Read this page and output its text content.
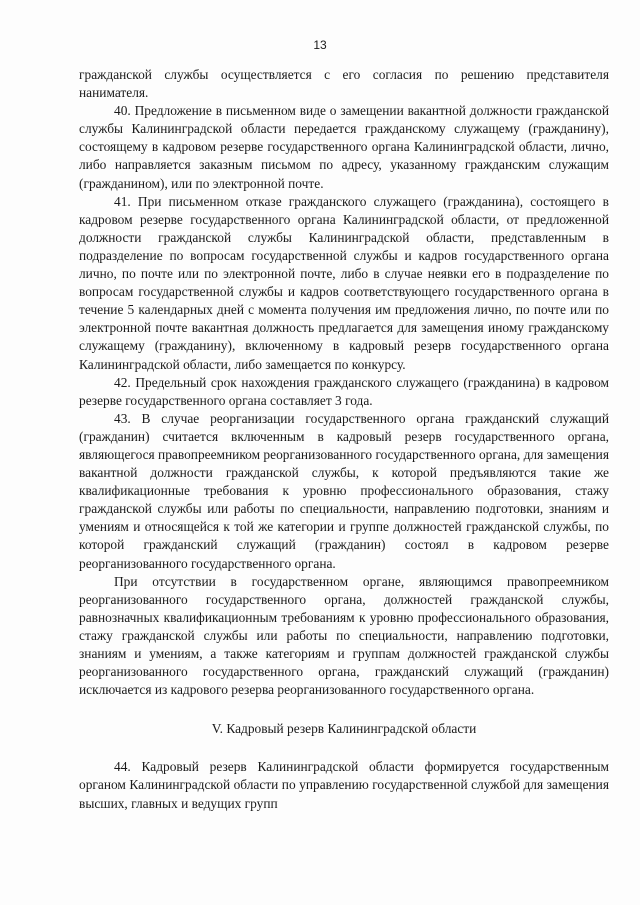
13

гражданской службы осуществляется с его согласия по решению представителя нанимателя.

40. Предложение в письменном виде о замещении вакантной должности гражданской службы Калининградской области передается гражданскому служащему (гражданину), состоящему в кадровом резерве государственного органа Калининградской области, лично, либо направляется заказным письмом по адресу, указанному гражданским служащим (гражданином), или по электронной почте.

41. При письменном отказе гражданского служащего (гражданина), состоящего в кадровом резерве государственного органа Калининградской области, от предложенной должности гражданской службы Калининградской области, представленным в подразделение по вопросам государственной службы и кадров государственного органа лично, по почте или по электронной почте, либо в случае неявки его в подразделение по вопросам государственной службы и кадров соответствующего государственного органа в течение 5 календарных дней с момента получения им предложения лично, по почте или по электронной почте вакантная должность предлагается для замещения иному гражданскому служащему (гражданину), включенному в кадровый резерв государственного органа Калининградской области, либо замещается по конкурсу.

42. Предельный срок нахождения гражданского служащего (гражданина) в кадровом резерве государственного органа составляет 3 года.

43. В случае реорганизации государственного органа гражданский служащий (гражданин) считается включенным в кадровый резерв государственного органа, являющегося правопреемником реорганизованного государственного органа, для замещения вакантной должности гражданской службы, к которой предъявляются такие же квалификационные требования к уровню профессионального образования, стажу гражданской службы или работы по специальности, направлению подготовки, знаниям и умениям и относящейся к той же категории и группе должностей гражданской службы, по которой гражданский служащий (гражданин) состоял в кадровом резерве реорганизованного государственного органа.

При отсутствии в государственном органе, являющимся правопреемником реорганизованного государственного органа, должностей гражданской службы, равнозначных квалификационным требованиям к уровню профессионального образования, стажу гражданской службы или работы по специальности, направлению подготовки, знаниям и умениям, а также категориям и группам должностей гражданской службы реорганизованного государственного органа, гражданский служащий (гражданин) исключается из кадрового резерва реорганизованного государственного органа.

V. Кадровый резерв Калининградской области

44. Кадровый резерв Калининградской области формируется государственным органом Калининградской области по управлению государственной службой для замещения высших, главных и ведущих групп
